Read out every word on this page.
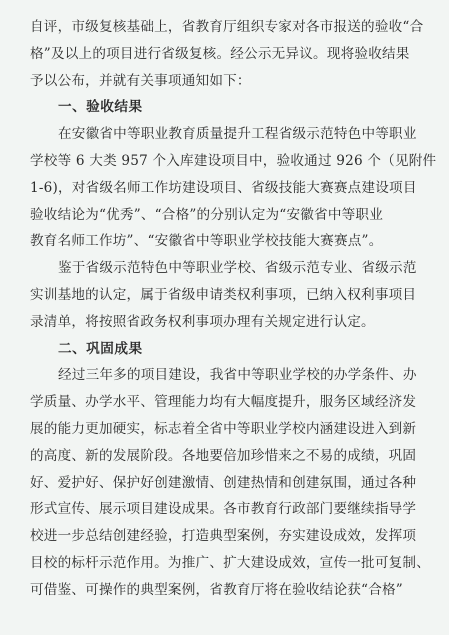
自评，市级复核基础上，省教育厅组织专家对各市报送的验收“合
格”及以上的项目进行省级复核。经公示无异议。现将验收结果
予以公布，并就有关事项通知如下：
一、验收结果
在安徽省中等职业教育质量提升工程省级示范特色中等职业
学校等 6 大类 957 个入库建设项目中，验收通过 926 个（见附件
1-6)，对省级名师工作坊建设项目、省级技能大赛赛点建设项目
验收结论为“优秀”、“合格”的分别认定为“安徽省中等职业
教育名师工作坊”、“安徽省中等职业学校技能大赛赛点”。
鉴于省级示范特色中等职业学校、省级示范专业、省级示范
实训基地的认定，属于省级申请类权利事项，已纳入权利事项目
录清单，将按照省政务权利事项办理有关规定进行认定。
二、巩固成果
经过三年多的项目建设，我省中等职业学校的办学条件、办
学质量、办学水平、管理能力均有大幅度提升，服务区域经济发
展的能力更加硬实，标志着全省中等职业学校内涵建设进入到新
的高度、新的发展阶段。各地要倍加珍惜来之不易的成绩，巩固
好、爱护好、保护好创建激情、创建热情和创建氛围，通过各种
形式宣传、展示项目建设成果。各市教育行政部门要继续指导学
校进一步总结创建经验，打造典型案例，夯实建设成效，发挥项
目校的标杆示范作用。为推广、扩大建设成效，宣传一批可复制、
可借鉴、可操作的典型案例，省教育厅将在验收结论获“合格”
